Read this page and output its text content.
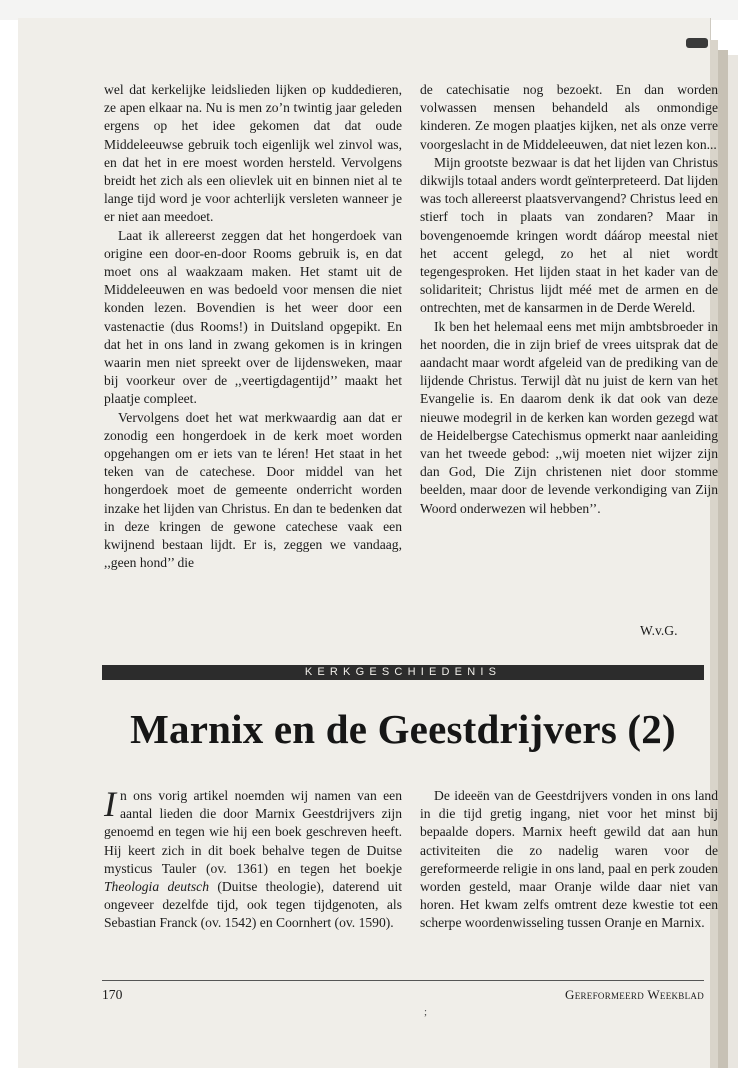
wel dat kerkelijke leidslieden lijken op kuddedieren, ze apen elkaar na. Nu is men zo’n twintig jaar geleden ergens op het idee gekomen dat dat oude Middeleeuwse gebruik toch eigenlijk wel zinvol was, en dat het in ere moest worden hersteld. Vervolgens breidt het zich als een olievlek uit en binnen niet al te lange tijd word je voor achterlijk versleten wanneer je er niet aan meedoet.

Laat ik allereerst zeggen dat het hongerdoek van origine een door-en-door Rooms gebruik is, en dat moet ons al waakzaam maken. Het stamt uit de Middeleeuwen en was bedoeld voor mensen die niet konden lezen. Bovendien is het weer door een vastenactie (dus Rooms!) in Duitsland opgepikt. En dat het in ons land in zwang gekomen is in kringen waarin men niet spreekt over de lijdensweken, maar bij voorkeur over de ,,veertigdagentijd’’ maakt het plaatje compleet.

Vervolgens doet het wat merkwaardig aan dat er zonodig een hongerdoek in de kerk moet worden opgehangen om er iets van te léren! Het staat in het teken van de catechese. Door middel van het hongerdoek moet de gemeente onderricht worden inzake het lijden van Christus. En dan te bedenken dat in deze kringen de gewone catechese vaak een kwijnend bestaan lijdt. Er is, zeggen we vandaag, ,,geen hond’’ die

de catechisatie nog bezoekt. En dan worden volwassen mensen behandeld als onmondige kinderen. Ze mogen plaatjes kijken, net als onze verre voorgeslacht in de Middeleeuwen, dat niet lezen kon...

Mijn grootste bezwaar is dat het lijden van Christus dikwijls totaal anders wordt geïnterpreteerd. Dat lijden was toch allereerst plaatsvervangend? Christus leed en stierf toch in plaats van zondaren? Maar in bovengenoemde kringen wordt dáárop meestal niet het accent gelegd, zo het al niet wordt tegengesproken. Het lijden staat in het kader van de solidariteit; Christus lijdt méé met de armen en de ontrechten, met de kansarmen in de Derde Wereld.

Ik ben het helemaal eens met mijn ambtsbroeder in het noorden, die in zijn brief de vrees uitsprak dat de aandacht maar wordt afgeleid van de prediking van de lijdende Christus. Terwijl dàt nu juist de kern van het Evangelie is. En daarom denk ik dat ook van deze nieuwe modegril in de kerken kan worden gezegd wat de Heidelbergse Catechismus opmerkt naar aanleiding van het tweede gebod: ,,wij moeten niet wijzer zijn dan God, Die Zijn christenen niet door stomme beelden, maar door de levende verkondiging van Zijn Woord onderwezen wil hebben’’.

W.v.G.
KERKGESCHIEDENIS
Marnix en de Geestdrijvers (2)

In ons vorig artikel noemden wij namen van een aantal lieden die door Marnix Geestdrijvers zijn genoemd en tegen wie hij een boek geschreven heeft. Hij keert zich in dit boek behalve tegen de Duitse mysticus Tauler (ov. 1361) en tegen het boekje Theologia deutsch (Duitse theologie), daterend uit ongeveer dezelfde tijd, ook tegen tijdgenoten, als Sebastian Franck (ov. 1542) en Coornhert (ov. 1590).

De ideeën van de Geestdrijvers vonden in ons land in die tijd gretig ingang, niet voor het minst bij bepaalde dopers. Marnix heeft gewild dat aan hun activiteiten die zo nadelig waren voor de gereformeerde religie in ons land, paal en perk zouden worden gesteld, maar Oranje wilde daar niet van horen. Het kwam zelfs omtrent deze kwestie tot een scherpe woordenwisseling tussen Oranje en Marnix.

170	Gereformeerd Weekblad
;
